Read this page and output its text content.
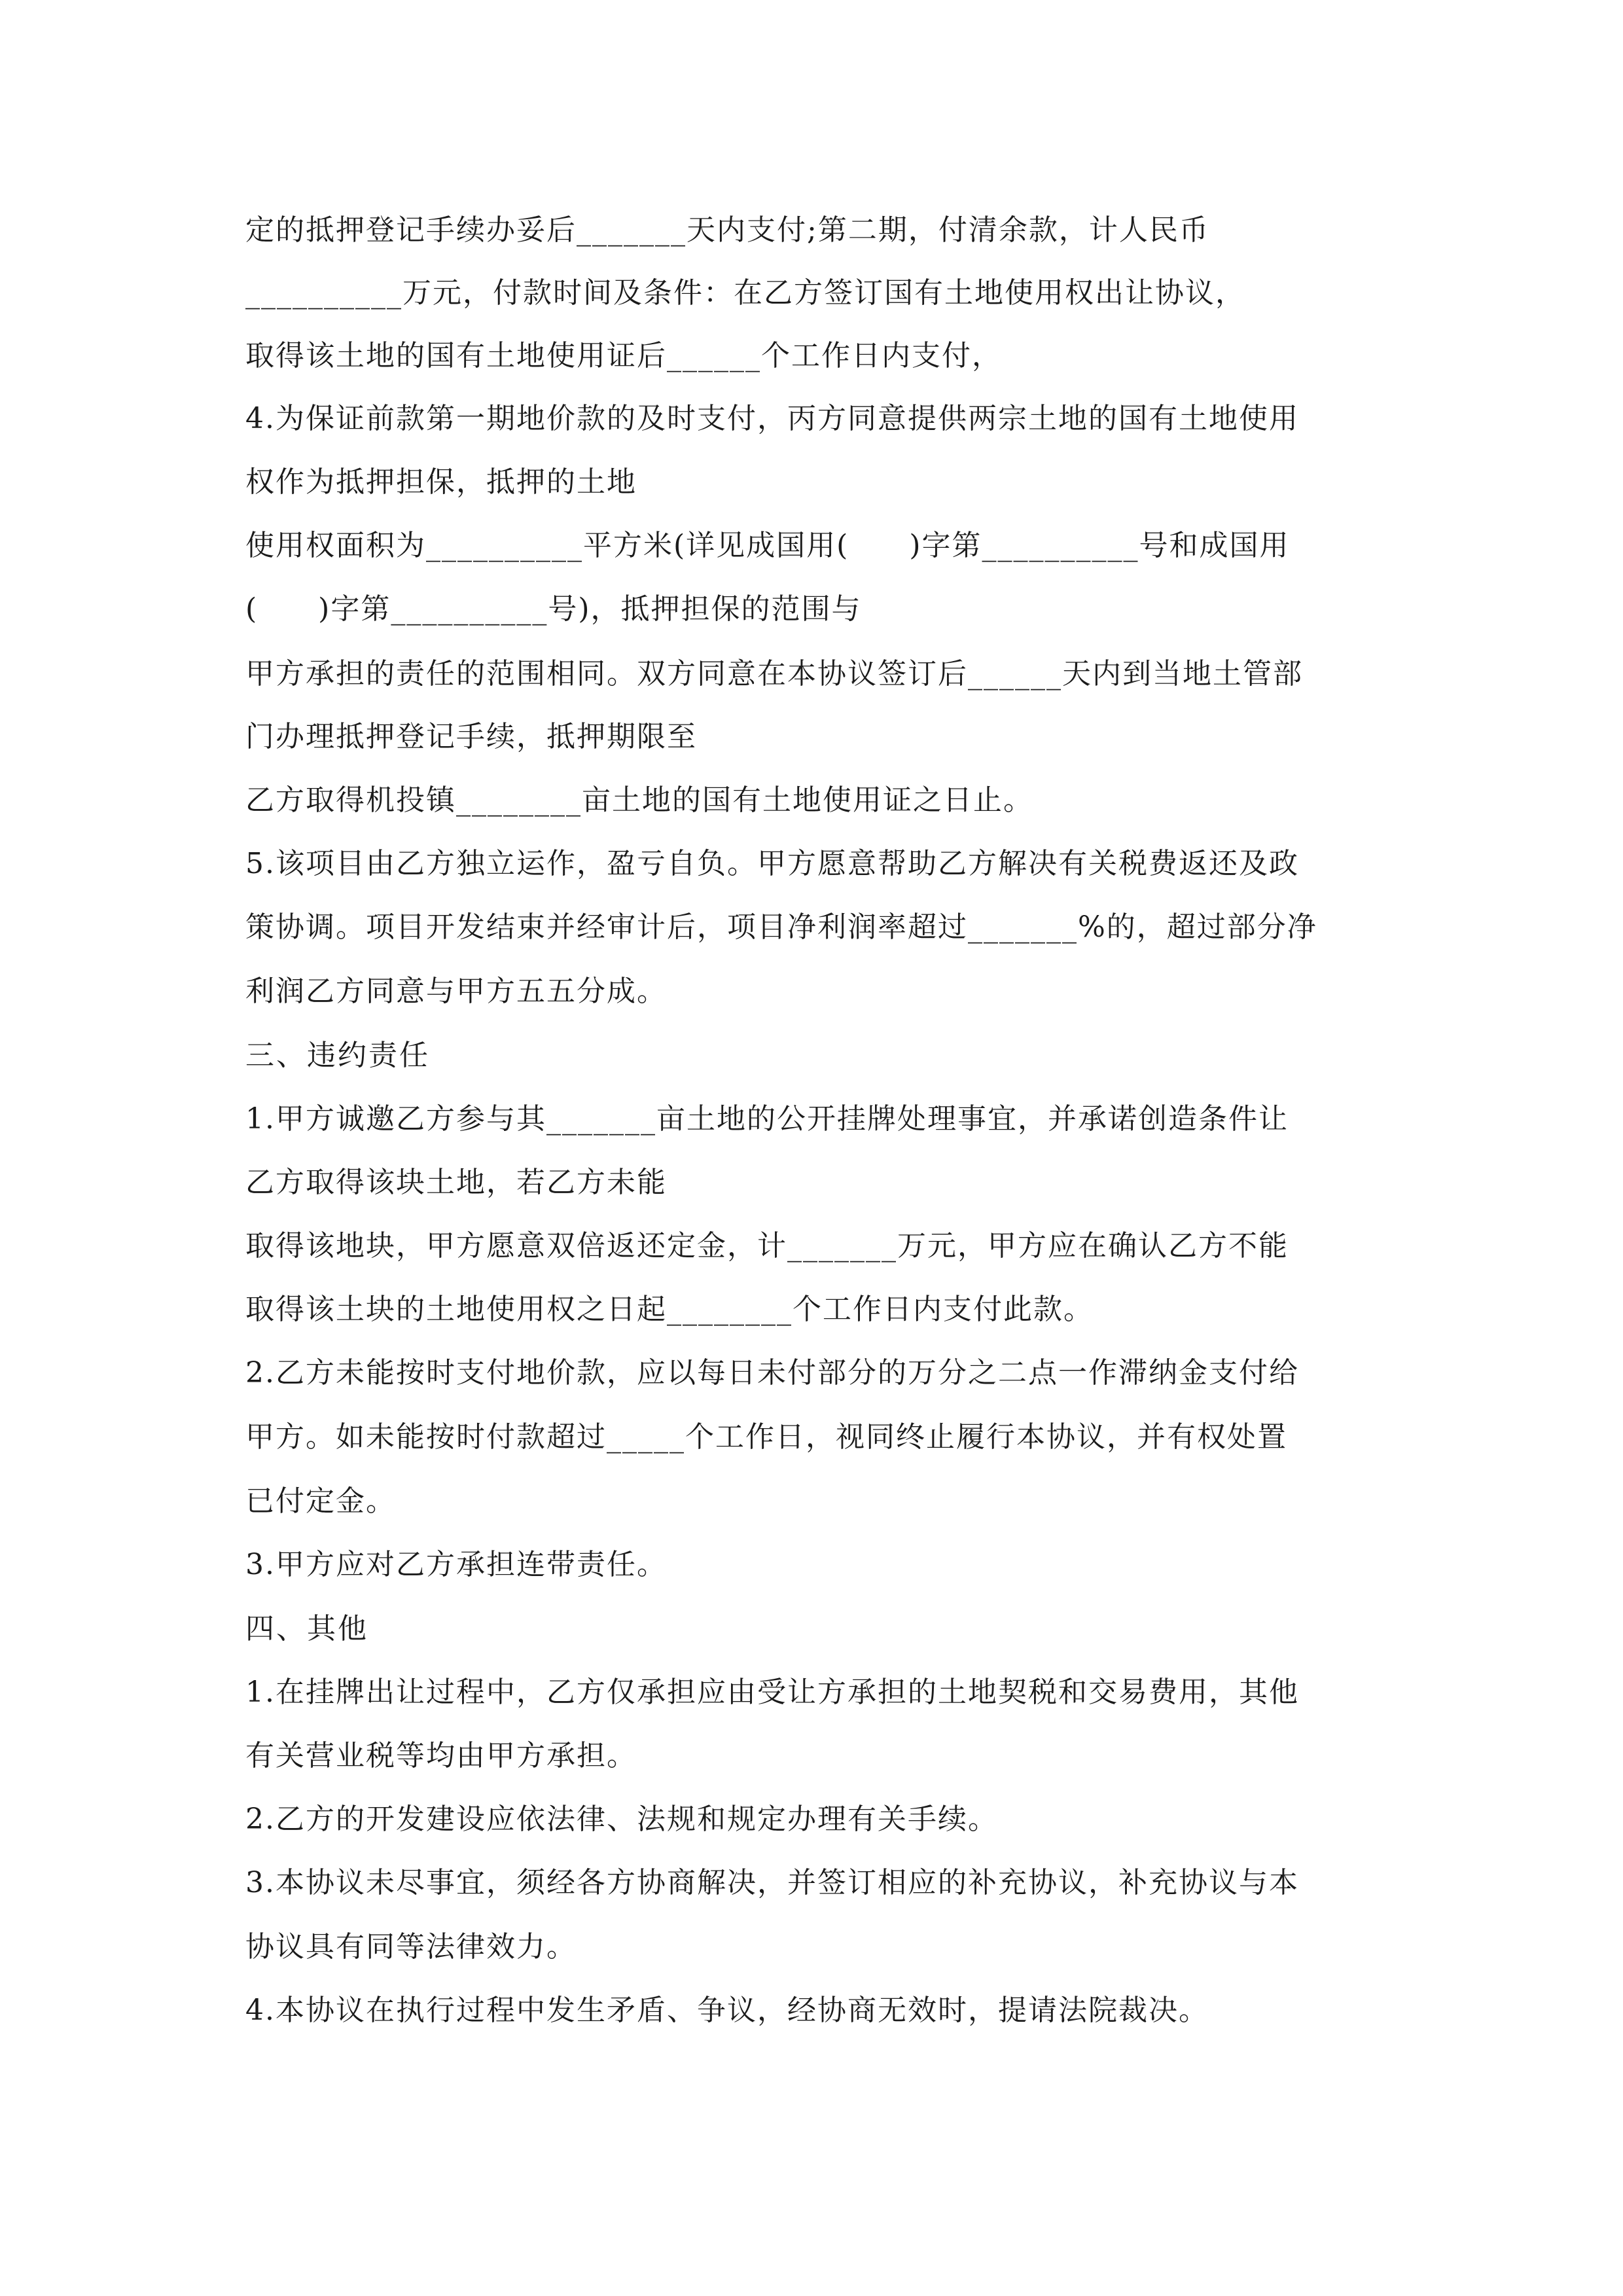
定的抵押登记手续办妥后_______天内支付;第二期，付清余款，计人民币
__________万元，付款时间及条件：在乙方签订国有土地使用权出让协议，
取得该土地的国有土地使用证后______个工作日内支付，
4.为保证前款第一期地价款的及时支付，丙方同意提供两宗土地的国有土地使用
权作为抵押担保，抵押的土地
使用权面积为__________平方米(详见成国用(　　)字第__________号和成国用
(　　)字第__________号)，抵押担保的范围与
甲方承担的责任的范围相同。双方同意在本协议签订后______天内到当地土管部
门办理抵押登记手续，抵押期限至
乙方取得机投镇________亩土地的国有土地使用证之日止。
5.该项目由乙方独立运作，盈亏自负。甲方愿意帮助乙方解决有关税费返还及政
策协调。项目开发结束并经审计后，项目净利润率超过_______%的，超过部分净
利润乙方同意与甲方五五分成。
三、违约责任
1.甲方诚邀乙方参与其_______亩土地的公开挂牌处理事宜，并承诺创造条件让
乙方取得该块土地，若乙方未能
取得该地块，甲方愿意双倍返还定金，计_______万元，甲方应在确认乙方不能
取得该土块的土地使用权之日起________个工作日内支付此款。
2.乙方未能按时支付地价款，应以每日未付部分的万分之二点一作滞纳金支付给
甲方。如未能按时付款超过_____个工作日，视同终止履行本协议，并有权处置
已付定金。
3.甲方应对乙方承担连带责任。
四、其他
1.在挂牌出让过程中，乙方仅承担应由受让方承担的土地契税和交易费用，其他
有关营业税等均由甲方承担。
2.乙方的开发建设应依法律、法规和规定办理有关手续。
3.本协议未尽事宜，须经各方协商解决，并签订相应的补充协议，补充协议与本
协议具有同等法律效力。
4.本协议在执行过程中发生矛盾、争议，经协商无效时，提请法院裁决。
